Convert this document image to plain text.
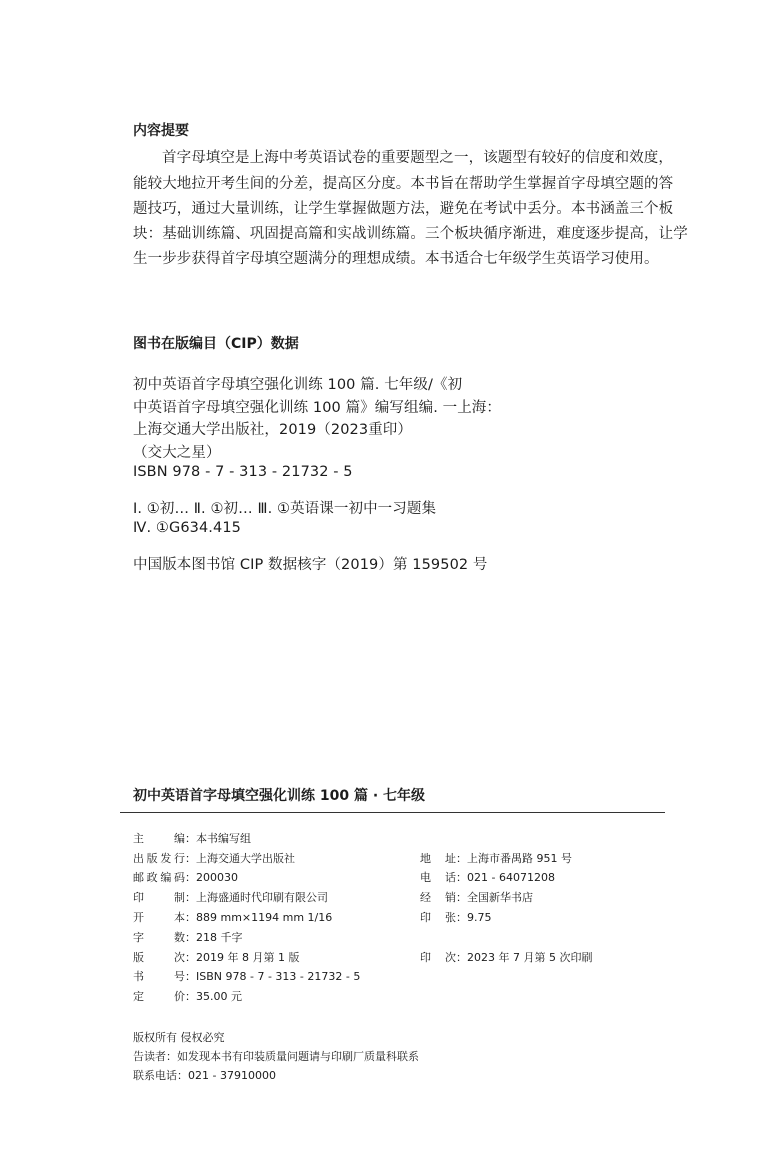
内容提要
首字母填空是上海中考英语试卷的重要题型之一，该题型有较好的信度和效度，
能较大地拉开考生间的分差，提高区分度。本书旨在帮助学生掌握首字母填空题的答
题技巧，通过大量训练，让学生掌握做题方法，避免在考试中丢分。本书涵盖三个板
块：基础训练篇、巩固提高篇和实战训练篇。三个板块循序渐进，难度逐步提高，让学
生一步步获得首字母填空题满分的理想成绩。本书适合七年级学生英语学习使用。
图书在版编目（CIP）数据
初中英语首字母填空强化训练 100 篇. 七年级/《初
中英语首字母填空强化训练 100 篇》编写组编. 一上海：
上海交通大学出版社，2019（2023重印）
（交大之星）
ISBN 978 - 7 - 313 - 21732 - 5
Ⅰ. ①初… Ⅱ. ①初… Ⅲ. ①英语课一初中一习题集
Ⅳ. ①G634.415
中国版本图书馆 CIP 数据核字（2019）第 159502 号
初中英语首字母填空强化训练 100 篇 · 七年级
主编：本书编写组
出版发行：上海交通大学出版社
邮政编码：200030
印制：上海盛通时代印刷有限公司
开本：889 mm×1194 mm 1/16
字数：218 千字
版次：2019 年 8 月第 1 版
书号：ISBN 978 - 7 - 313 - 21732 - 5
定价：35.00 元
地址：上海市番禺路 951 号
电话：021 - 64071208
经销：全国新华书店
印张：9.75
印次：2023 年 7 月第 5 次印刷
版权所有 侵权必究
告读者：如发现本书有印装质量问题请与印刷厂质量科联系
联系电话：021 - 37910000
